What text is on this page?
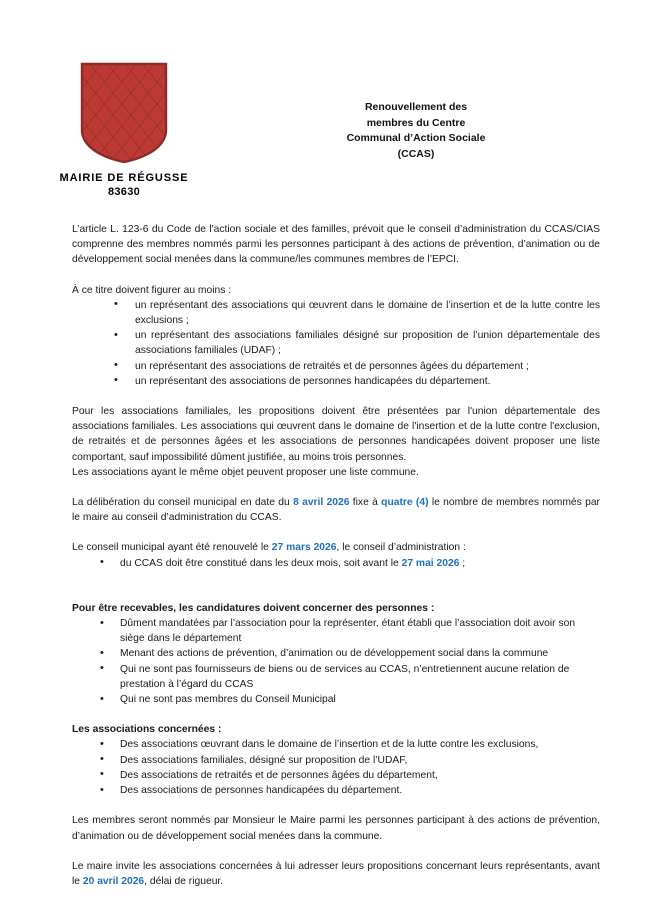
MAIRIE DE RÉGUSSE
83630
Renouvellement des
membres du Centre
Communal d’Action Sociale
(CCAS)

L’article L. 123-6 du Code de l'action sociale et des familles, prévoit que le conseil d’administration du CCAS/CIAS comprenne des membres nommés parmi les personnes participant à des actions de prévention, d’animation ou de développement social menées dans la commune/les communes membres de l’EPCI.

À ce titre doivent figurer au moins :

• un représentant des associations qui œuvrent dans le domaine de l’insertion et de la lutte contre les exclusions ;
• un représentant des associations familiales désigné sur proposition de l’union départementale des associations familiales (UDAF) ;
• un représentant des associations de retraités et de personnes âgées du département ;
• un représentant des associations de personnes handicapées du département.

Pour les associations familiales, les propositions doivent être présentées par l'union départementale des associations familiales. Les associations qui œuvrent dans le domaine de l'insertion et de la lutte contre l'exclusion, de retraités et de personnes âgées et les associations de personnes handicapées doivent proposer une liste comportant, sauf impossibilité dûment justifiée, au moins trois personnes.

Les associations ayant le même objet peuvent proposer une liste commune.

La délibération du conseil municipal en date du 8 avril 2026 fixe à quatre (4) le nombre de membres nommés par le maire au conseil d’administration du CCAS.

Le conseil municipal ayant été renouvelé le 27 mars 2026, le conseil d’administration :

• du CCAS doit être constitué dans les deux mois, soit avant le 27 mai 2026 ;

Pour être recevables, les candidatures doivent concerner des personnes :

• Dûment mandatées par l’association pour la représenter, étant établi que l’association doit avoir son siège dans le département
• Menant des actions de prévention, d’animation ou de développement social dans la commune
• Qui ne sont pas fournisseurs de biens ou de services au CCAS, n’entretiennent aucune relation de prestation à l’égard du CCAS
• Qui ne sont pas membres du Conseil Municipal

Les associations concernées :

• Des associations œuvrant dans le domaine de l’insertion et de la lutte contre les exclusions,
• Des associations familiales, désigné sur proposition de l’UDAF,
• Des associations de retraités et de personnes âgées du département,
• Des associations de personnes handicapées du département.

Les membres seront nommés par Monsieur le Maire parmi les personnes participant à des actions de prévention, d’animation ou de développement social menées dans la commune.

Le maire invite les associations concernées à lui adresser leurs propositions concernant leurs représentants, avant le 20 avril 2026, délai de rigueur.
